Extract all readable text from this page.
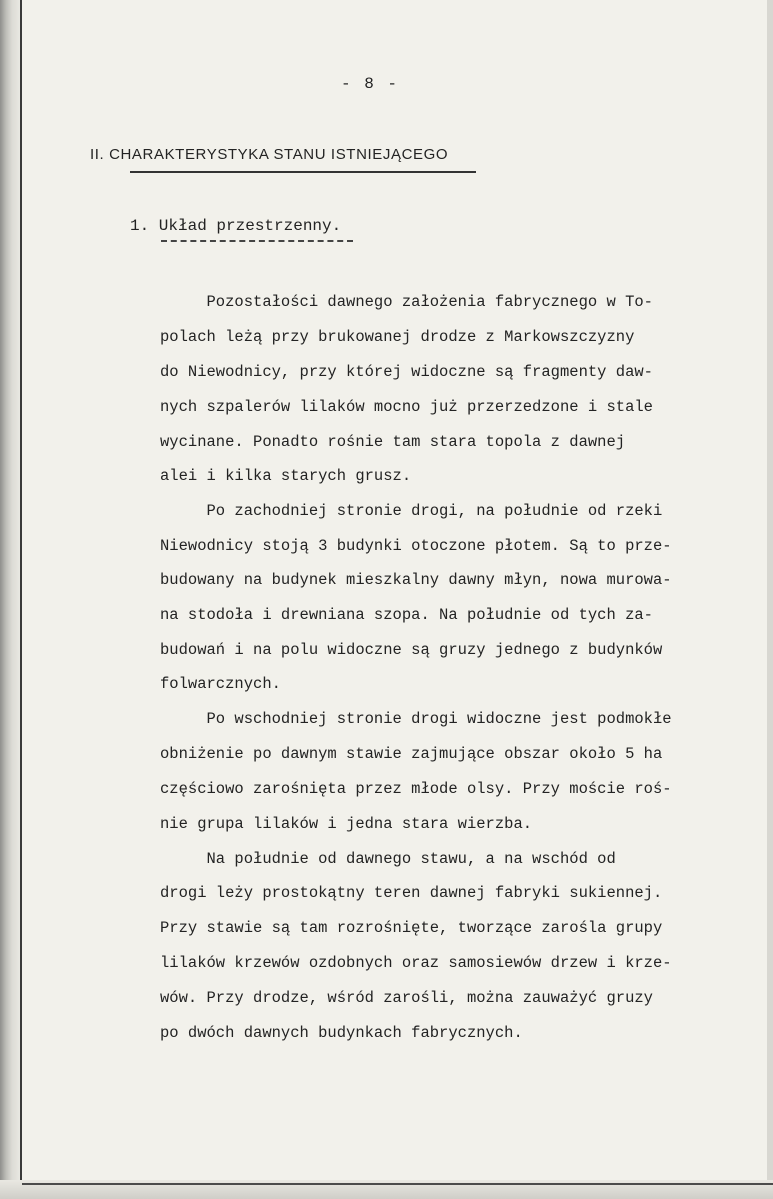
- 8 -
II. CHARAKTERYSTYKA STANU ISTNIEJĄCEGO
1. Układ przestrzenny.
Pozostałości dawnego założenia fabrycznego w To-
polach leżą przy brukowanej drodze z Markowszczyzny
do Niewodnicy, przy której widoczne są fragmenty daw-
nych szpalerów lilaków mocno już przerzedzone i stale
wycinane. Ponadto rośnie tam stara topola z dawnej
alei i kilka starych grusz.
Po zachodniej stronie drogi, na południe od rzeki
Niewodnicy stoją 3 budynki otoczone płotem. Są to prze-
budowany na budynek mieszkalny dawny młyn, nowa murowa-
na stodoła i drewniana szopa. Na południe od tych za-
budowań i na polu widoczne są gruzy jednego z budynków
folwarcznych.
Po wschodniej stronie drogi widoczne jest podmokłe
obniżenie po dawnym stawie zajmujące obszar około 5 ha
częściowo zarośnięta przez młode olsy. Przy moście roś-
nie grupa lilaków i jedna stara wierzba.
Na południe od dawnego stawu, a na wschód od
drogi leży prostokątny teren dawnej fabryki sukiennej.
Przy stawie są tam rozrośnięte, tworzące zarośla grupy
lilaków krzewów ozdobnych oraz samosiewów drzew i krze-
wów. Przy drodze, wśród zarośli, można zauważyć gruzy
po dwóch dawnych budynkach fabrycznych.
